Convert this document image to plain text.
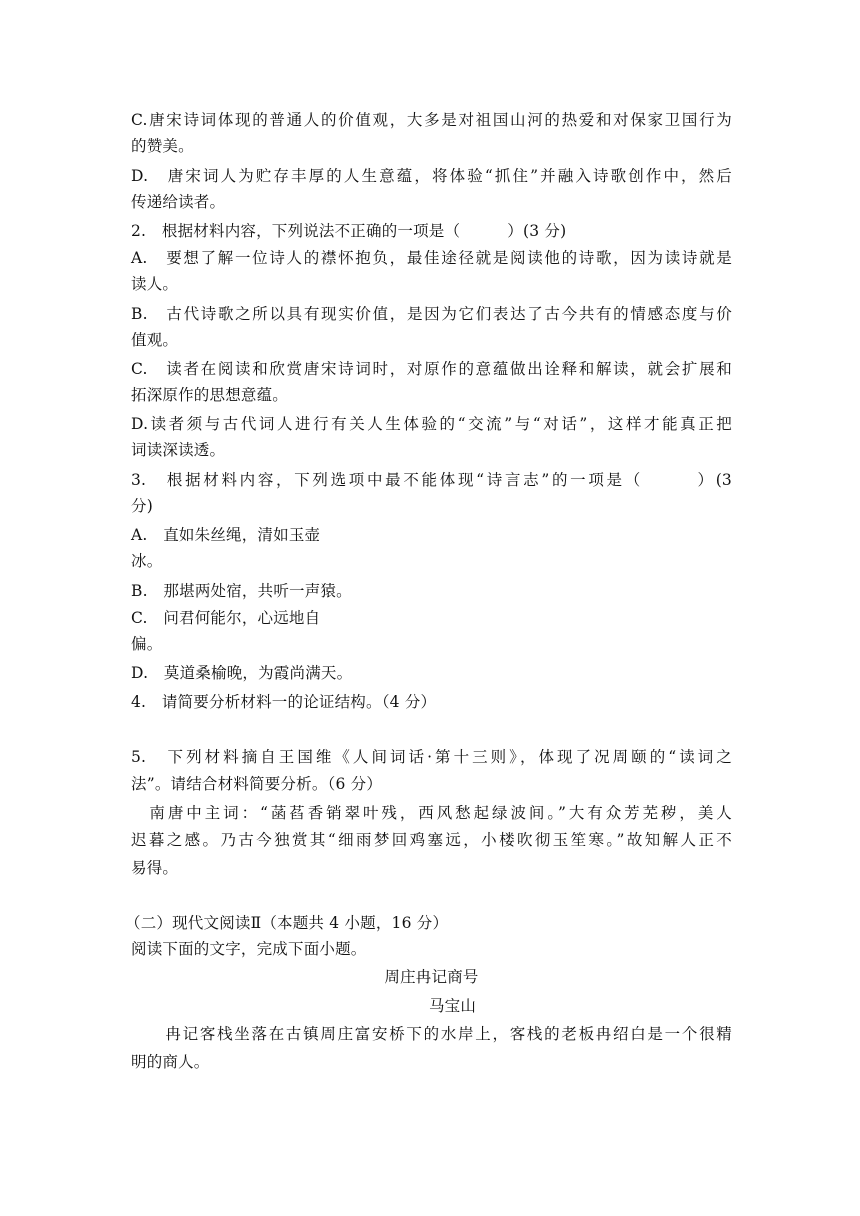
C.唐宋诗词体现的普通人的价值观，大多是对祖国山河的热爱和对保家卫国行为
的赞美。
D.　唐宋词人为贮存丰厚的人生意蕴，将体验“抓住”并融入诗歌创作中，然后
传递给读者。
2.　根据材料内容，下列说法不正确的一项是（　　　）(3 分)
A.　要想了解一位诗人的襟怀抱负，最佳途径就是阅读他的诗歌，因为读诗就是
读人。
B.　古代诗歌之所以具有现实价值，是因为它们表达了古今共有的情感态度与价
值观。
C.　读者在阅读和欣赏唐宋诗词时，对原作的意蕴做出诠释和解读，就会扩展和
拓深原作的思想意蕴。
D.读者须与古代词人进行有关人生体验的“交流”与“对话”，这样才能真正把
词读深读透。
3.　根据材料内容，下列选项中最不能体现“诗言志”的一项是（　　　）(3
分)
A.　直如朱丝绳，清如玉壶
冰。
B.　那堪两处宿，共听一声猿。
C.　问君何能尔，心远地自
偏。
D.　莫道桑榆晚，为霞尚满天。
4.　请简要分析材料一的论证结构。（4 分）
5.　下列材料摘自王国维《人间词话·第十三则》，体现了况周颐的“读词之
法”。请结合材料简要分析。（6 分）
　南唐中主词：“菡萏香销翠叶残，西风愁起绿波间。”大有众芳芜秽，美人
迟暮之感。乃古今独赏其“细雨梦回鸡塞远，小楼吹彻玉笙寒。”故知解人正不
易得。
（二）现代文阅读Ⅱ（本题共 4 小题，16 分）
阅读下面的文字，完成下面小题。
周庄冉记商号
马宝山
　　冉记客栈坐落在古镇周庄富安桥下的水岸上，客栈的老板冉绍白是一个很精
明的商人。
